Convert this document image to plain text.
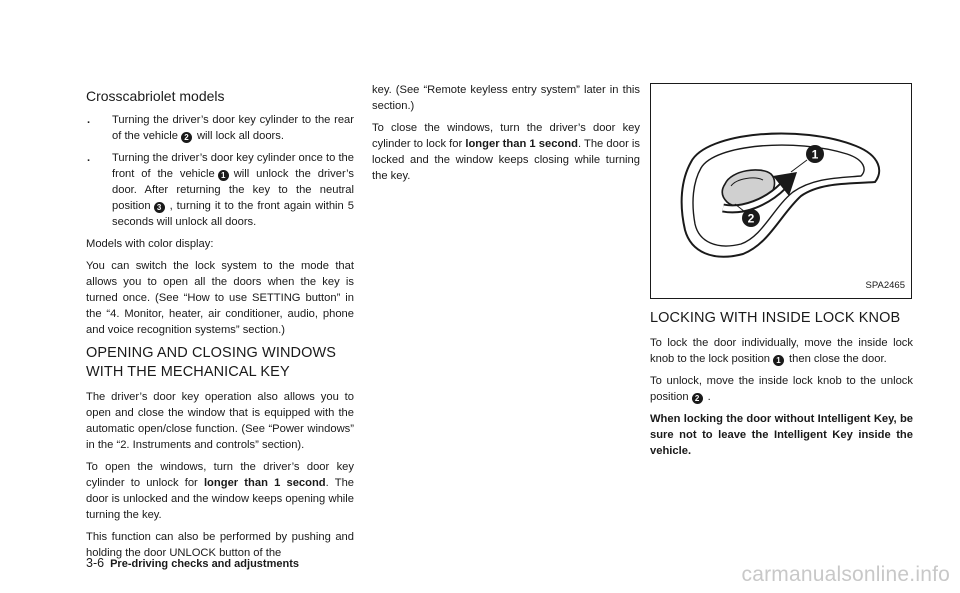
Crosscabriolet models
. Turning the driver’s door key cylinder to the rear of the vehicle 2 will lock all doors.
. Turning the driver’s door key cylinder once to the front of the vehicle 1 will unlock the driver’s door. After returning the key to the neutral position 3 , turning it to the front again within 5 seconds will unlock all doors.

Models with color display:

You can switch the lock system to the mode that allows you to open all the doors when the key is turned once. (See “How to use SETTING button” in the “4. Monitor, heater, air conditioner, audio, phone and voice recognition systems” section.)

OPENING AND CLOSING WINDOWS WITH THE MECHANICAL KEY

The driver’s door key operation also allows you to open and close the window that is equipped with the automatic open/close function. (See “Power windows” in the “2. Instruments and controls” section).

To open the windows, turn the driver’s door key cylinder to unlock for longer than 1 second. The door is unlocked and the window keeps opening while turning the key.

This function can also be performed by pushing and holding the door UNLOCK button of the

key. (See “Remote keyless entry system” later in this section.)

To close the windows, turn the driver’s door key cylinder to lock for longer than 1 second. The door is locked and the window keeps closing while turning the key.

1
2
SPA2465
LOCKING WITH INSIDE LOCK KNOB

To lock the door individually, move the inside lock knob to the lock position 1 then close the door.

To unlock, move the inside lock knob to the unlock position 2 .

When locking the door without Intelligent Key, be sure not to leave the Intelligent Key inside the vehicle.

3-6 Pre-driving checks and adjustments	carmanualsonline.info
